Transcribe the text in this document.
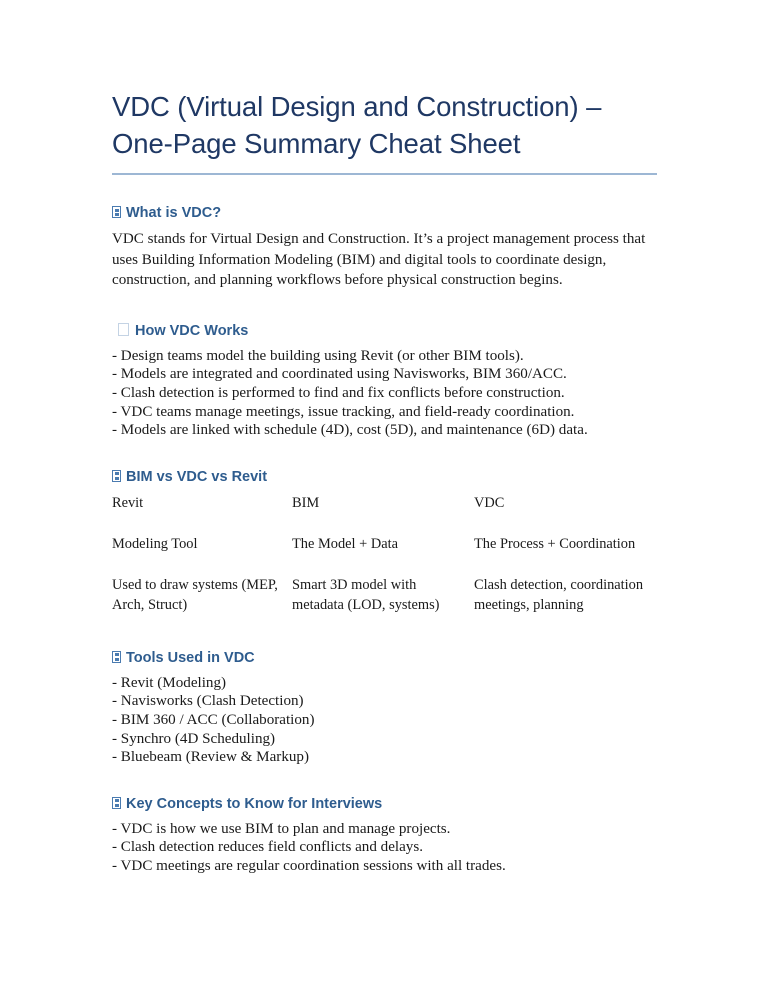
VDC (Virtual Design and Construction) –
One-Page Summary Cheat Sheet
What is VDC?

VDC stands for Virtual Design and Construction. It’s a project management process that uses Building Information Modeling (BIM) and digital tools to coordinate design, construction, and planning workflows before physical construction begins.

How VDC Works
- Design teams model the building using Revit (or other BIM tools).
- Models are integrated and coordinated using Navisworks, BIM 360/ACC.
- Clash detection is performed to find and fix conflicts before construction.
- VDC teams manage meetings, issue tracking, and field-ready coordination.
- Models are linked with schedule (4D), cost (5D), and maintenance (6D) data.
BIM vs VDC vs Revit
Revit	BIM	VDC
Modeling Tool	The Model + Data	The Process + Coordination
Used to draw systems (MEP, Arch, Struct)	Smart 3D model with metadata (LOD, systems)	Clash detection, coordination meetings, planning
Tools Used in VDC
- Revit (Modeling)
- Navisworks (Clash Detection)
- BIM 360 / ACC (Collaboration)
- Synchro (4D Scheduling)
- Bluebeam (Review & Markup)
Key Concepts to Know for Interviews
- VDC is how we use BIM to plan and manage projects.
- Clash detection reduces field conflicts and delays.
- VDC meetings are regular coordination sessions with all trades.
